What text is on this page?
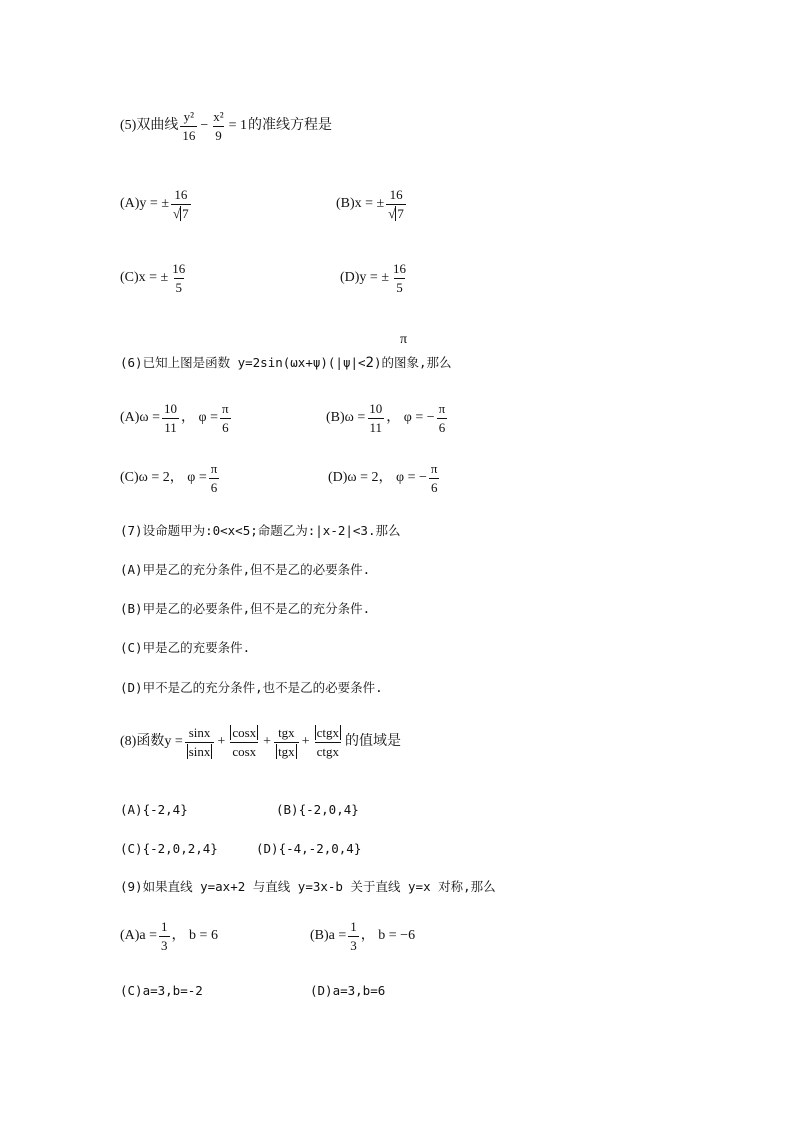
(5)双曲线 $\frac{\text{y²}}{16} - \frac{\text{x²}}{9} = 1$ 的准线方程是
(A)y = ± $\frac{16}{√ 7}$	(B)x = ± $\frac{16}{√ 7}$
(C)x = ± $\frac{16}{5}$	(D)y = ± $\frac{16}{5}$
π
(6)已知上图是函数 y=2sin(ωx+ψ)(|ψ|< 2 )的图象,那么
$(A)\omega = \frac{10}{11}$ ， $\varphi = \frac{\pi}{6}$	$(B)\omega = \frac{10}{11}$ ， φ = − $\frac{\pi}{6}$
(C)ω = 2， $\varphi = \frac{\pi}{6}$	(D)ω = 2， φ = − $\frac{\pi}{6}$
(7)设命题甲为:0<x<5;命题乙为:|x-2|<3.那么
(A)甲是乙的充分条件,但不是乙的必要条件.
(B)甲是乙的必要条件,但不是乙的充分条件.
(C)甲是乙的充要条件.
(D)甲不是乙的充分条件,也不是乙的必要条件.
(8)函数$y = \frac{\sin x}{\sin x} + \frac{\cos x}{\cos x} + \frac{\text{tgx}}{\text{tgx}} + \frac{\text{ctgx}}{\text{ctgx}}$ 的值域是
(A){-2,4}	(B){-2,0,4}
(C){-2,0,2,4}	(D){-4,-2,0,4}
(9)如果直线 y=ax+2 与直线 y=3x-b 关于直线 y=x 对称,那么
$(A)a = \frac{1}{3}$ ， b = 6	$(B)a = \frac{1}{3}$ ， b = −6
(C)a=3,b=-2	(D)a=3,b=6
